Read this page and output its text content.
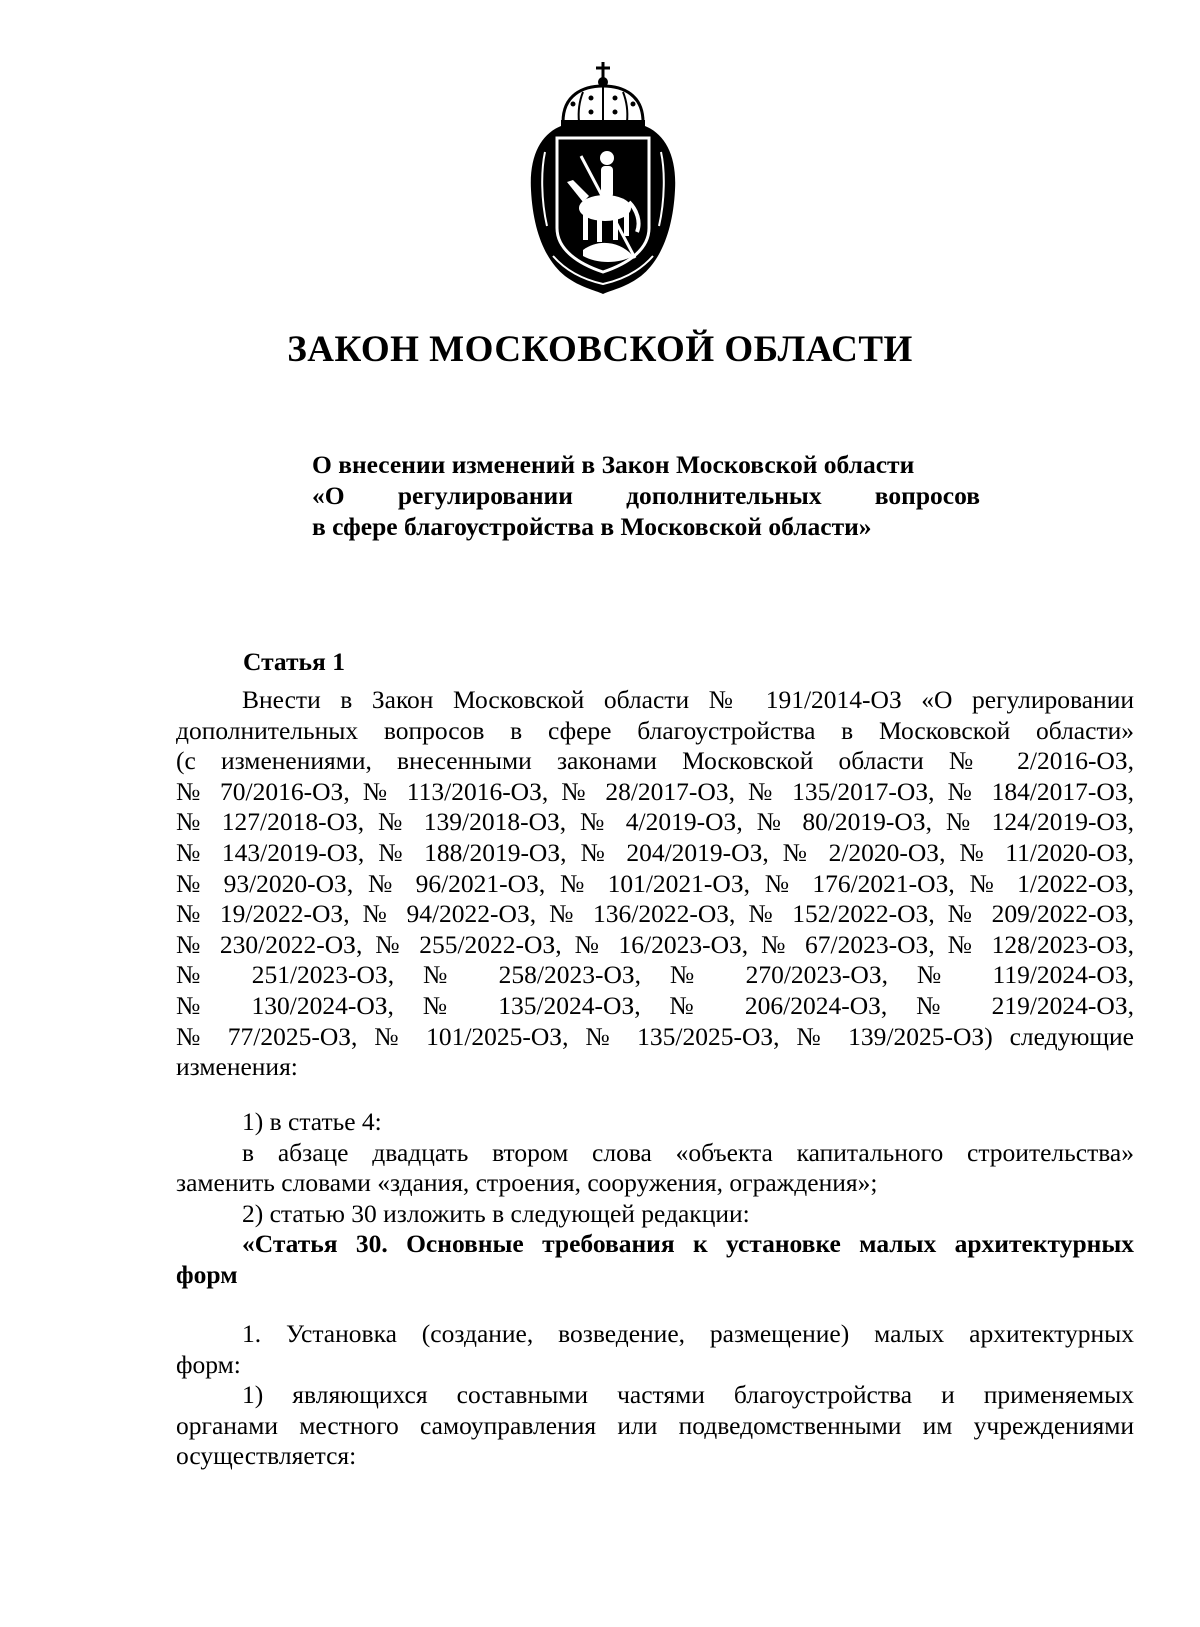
ЗАКОН МОСКОВСКОЙ ОБЛАСТИ
О внесении изменений в Закон Московской области
«О регулировании дополнительных вопросов
в сфере благоустройства в Московской области»
Статья 1
Внести в Закон Московской области № 191/2014-ОЗ «О регулировании
дополнительных вопросов в сфере благоустройства в Московской области»
(с изменениями, внесенными законами Московской области № 2/2016-ОЗ,
№ 70/2016-ОЗ, № 113/2016-ОЗ, № 28/2017-ОЗ, № 135/2017-ОЗ, № 184/2017-ОЗ,
№ 127/2018-ОЗ, № 139/2018-ОЗ, № 4/2019-ОЗ, № 80/2019-ОЗ, № 124/2019-ОЗ,
№ 143/2019-ОЗ, № 188/2019-ОЗ, № 204/2019-ОЗ, № 2/2020-ОЗ, № 11/2020-ОЗ,
№ 93/2020-ОЗ, № 96/2021-ОЗ, № 101/2021-ОЗ, № 176/2021-ОЗ, № 1/2022-ОЗ,
№ 19/2022-ОЗ, № 94/2022-ОЗ, № 136/2022-ОЗ, № 152/2022-ОЗ, № 209/2022-ОЗ,
№ 230/2022-ОЗ, № 255/2022-ОЗ, № 16/2023-ОЗ, № 67/2023-ОЗ, № 128/2023-ОЗ,
№ 251/2023-ОЗ, № 258/2023-ОЗ, № 270/2023-ОЗ, № 119/2024-ОЗ,
№ 130/2024-ОЗ, № 135/2024-ОЗ, № 206/2024-ОЗ, № 219/2024-ОЗ,
№ 77/2025-ОЗ, № 101/2025-ОЗ, № 135/2025-ОЗ, № 139/2025-ОЗ) следующие
изменения:
1) в статье 4:
в абзаце двадцать втором слова «объекта капитального строительства»
заменить словами «здания, строения, сооружения, ограждения»;
2) статью 30 изложить в следующей редакции:
«Статья 30. Основные требования к установке малых архитектурных
форм
1. Установка (создание, возведение, размещение) малых архитектурных
форм:
1) являющихся составными частями благоустройства и применяемых
органами местного самоуправления или подведомственными им учреждениями
осуществляется:
